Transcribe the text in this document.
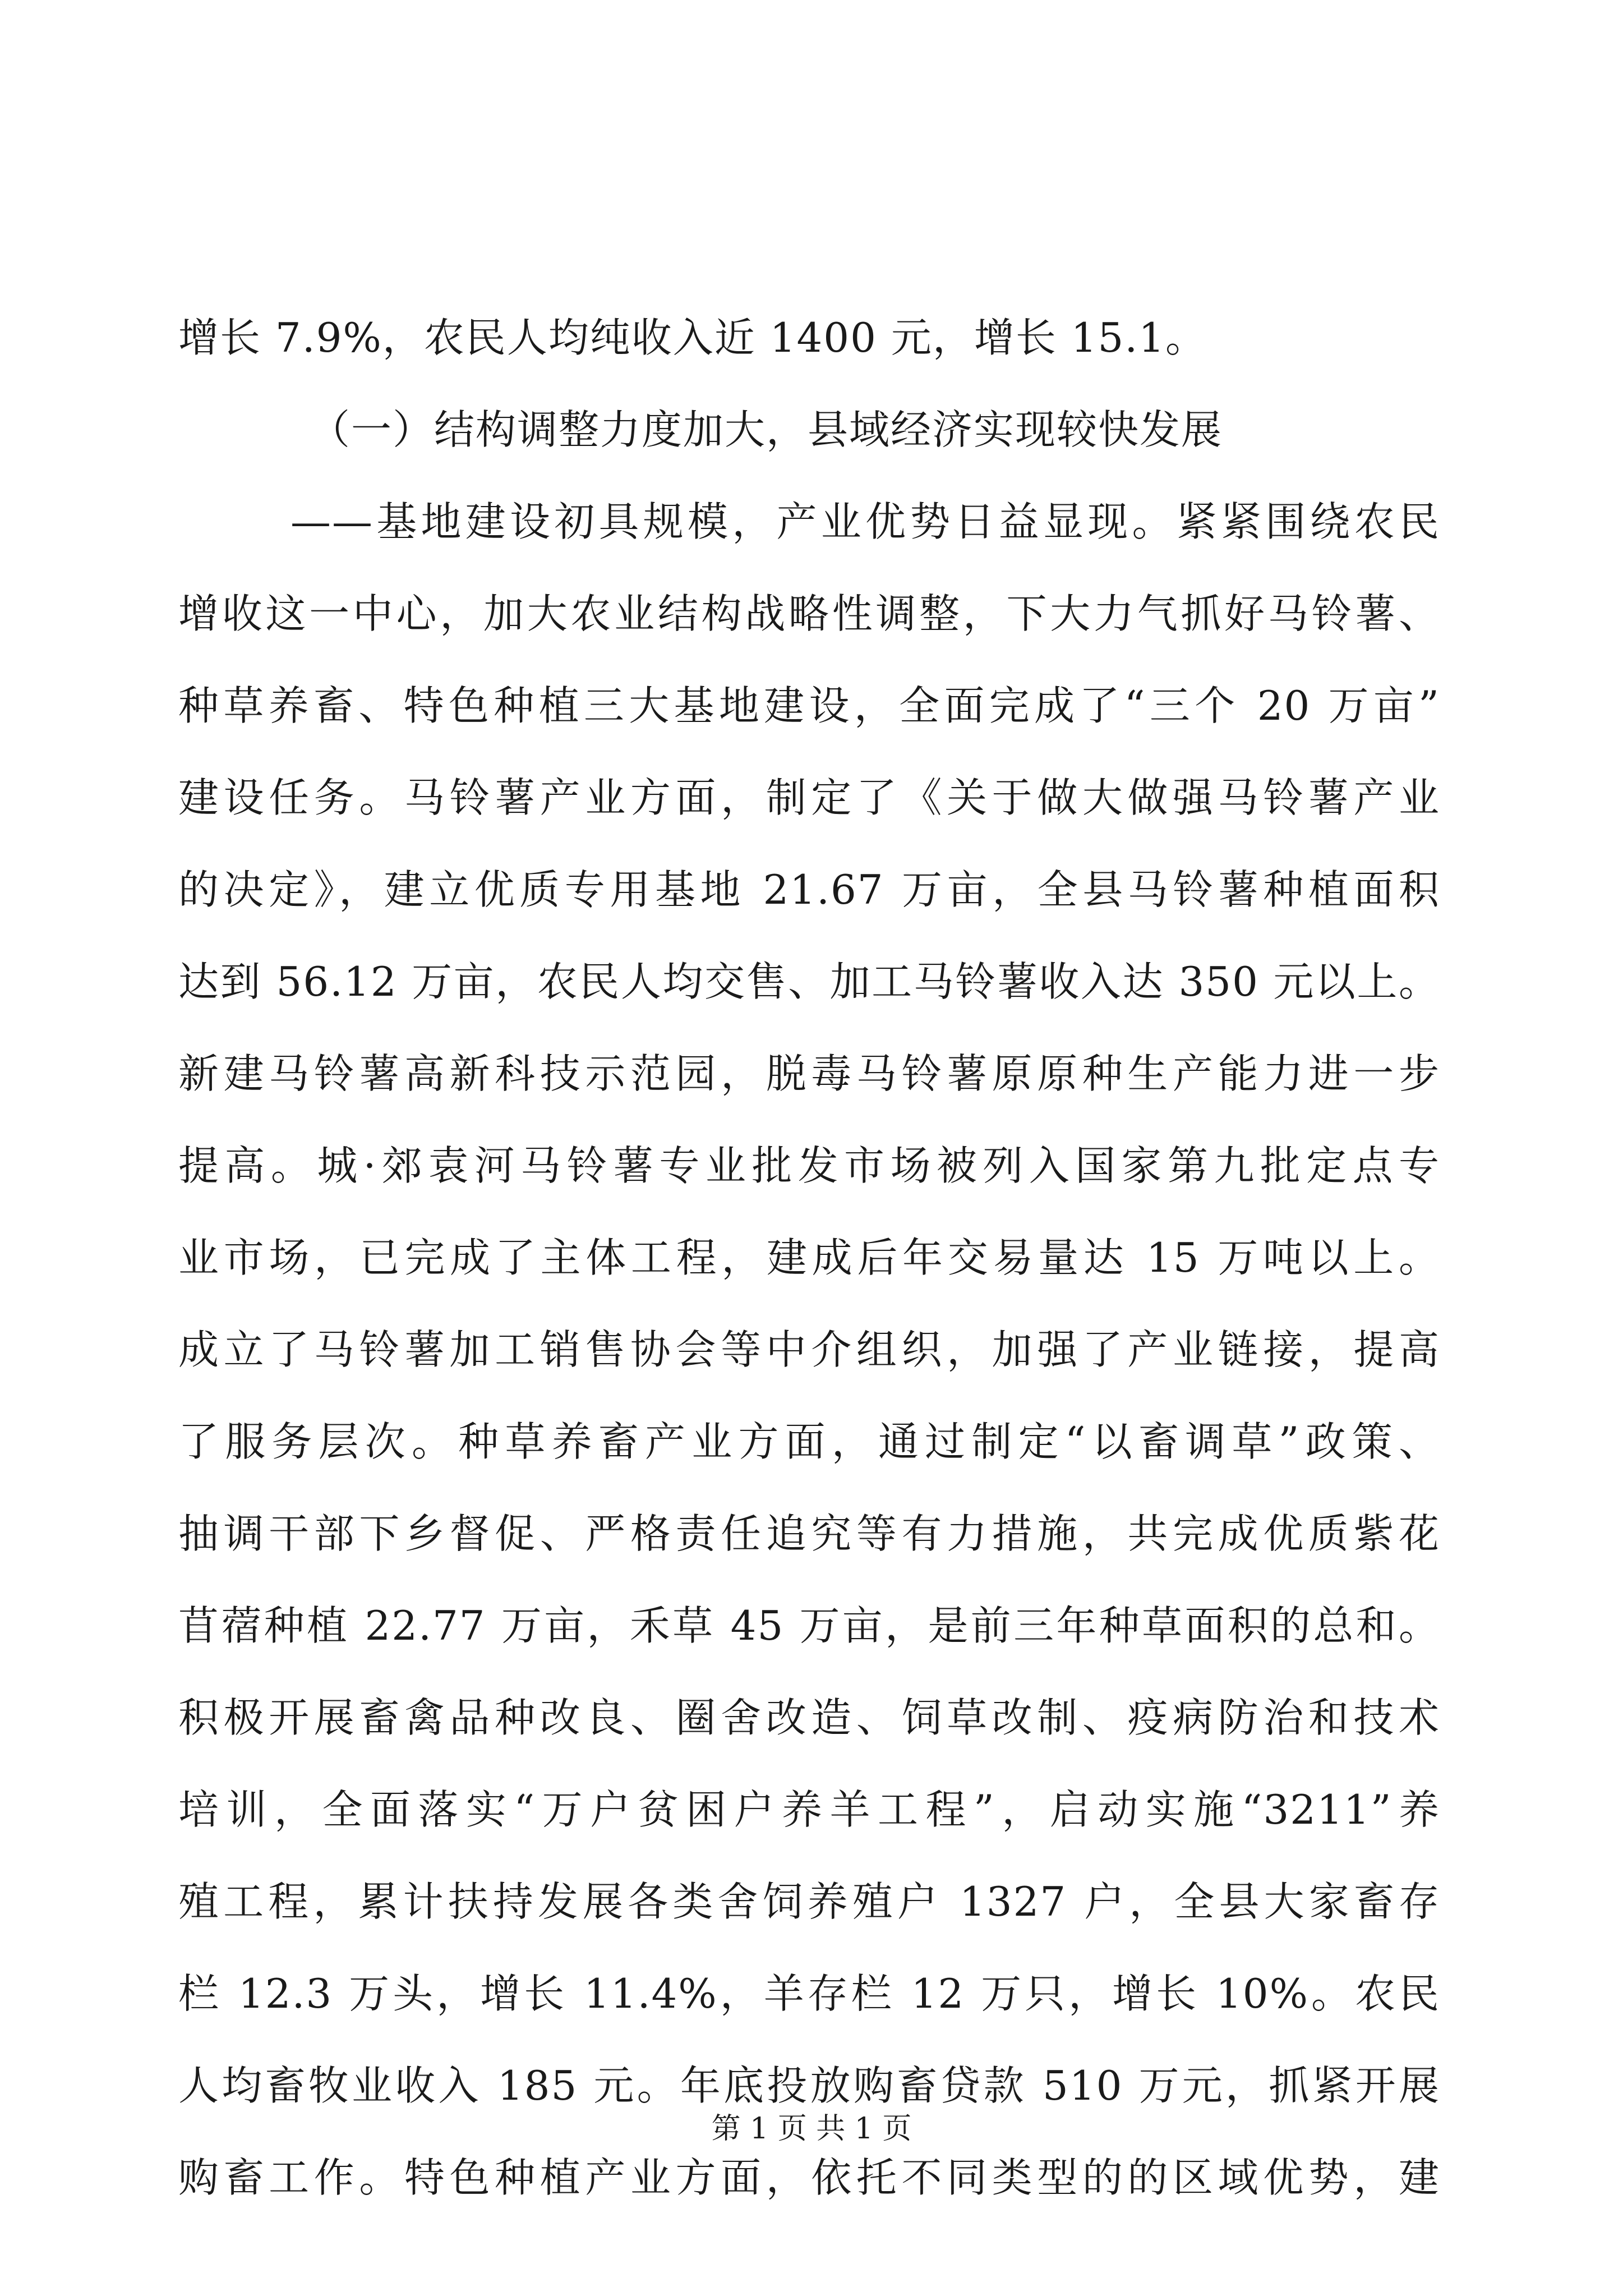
增长 7.9%，农民人均纯收入近 1400 元，增长 15.1。
（一）结构调整力度加大，县域经济实现较快发展
——基地建设初具规模，产业优势日益显现。紧紧围绕农民
增收这一中心，加大农业结构战略性调整，下大力气抓好马铃薯、
种草养畜、特色种植三大基地建设，全面完成了“三个 20 万亩”
建设任务。马铃薯产业方面，制定了《关于做大做强马铃薯产业
的决定》，建立优质专用基地 21.67 万亩，全县马铃薯种植面积
达到 56.12 万亩，农民人均交售、加工马铃薯收入达 350 元以上。
新建马铃薯高新科技示范园，脱毒马铃薯原原种生产能力进一步
提高。城·郊袁河马铃薯专业批发市场被列入国家第九批定点专
业市场，已完成了主体工程，建成后年交易量达 15 万吨以上。
成立了马铃薯加工销售协会等中介组织，加强了产业链接，提高
了服务层次。种草养畜产业方面，通过制定“以畜调草”政策、
抽调干部下乡督促、严格责任追究等有力措施，共完成优质紫花
苜蓿种植 22.77 万亩，禾草 45 万亩，是前三年种草面积的总和。
积极开展畜禽品种改良、圈舍改造、饲草改制、疫病防治和技术
培训，全面落实“万户贫困户养羊工程”，启动实施“3211”养
殖工程，累计扶持发展各类舍饲养殖户 1327 户，全县大家畜存
栏 12.3 万头，增长 11.4%，羊存栏 12 万只，增长 10%。农民
人均畜牧业收入 185 元。年底投放购畜贷款 510 万元，抓紧开展
购畜工作。特色种植产业方面，依托不同类型的的区域优势，建
第 1 页 共 1 页
